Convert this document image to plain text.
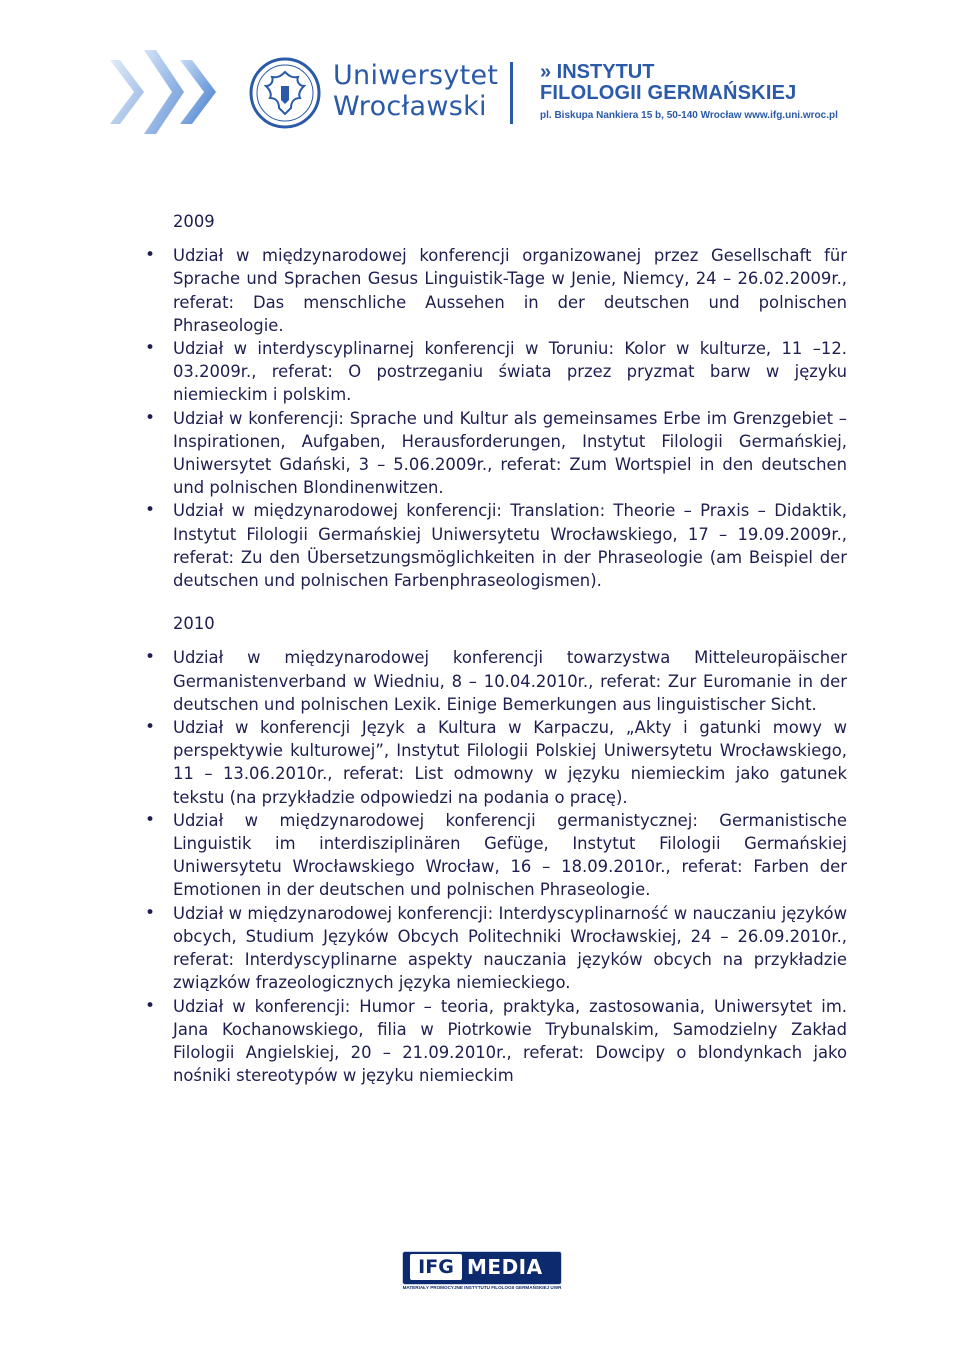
Uniwersytet
Wrocławski
» INSTYTUT
FILOLOGII GERMAŃSKIEJ
pl. Biskupa Nankiera 15 b, 50-140 Wrocław www.ifg.uni.wroc.pl
2009
• Udział w międzynarodowej konferencji organizowanej przez Gesellschaft für Sprache und Sprachen Gesus Linguistik-Tage w Jenie, Niemcy, 24 – 26.02.2009r., referat: Das menschliche Aussehen in der deutschen und polnischen Phraseologie.
• Udział w interdyscyplinarnej konferencji w Toruniu: Kolor w kulturze, 11 –12. 03.2009r., referat: O postrzeganiu świata przez pryzmat barw w języku niemieckim i polskim.
• Udział w konferencji: Sprache und Kultur als gemeinsames Erbe im Grenzgebiet – Inspirationen, Aufgaben, Herausforderungen, Instytut Filologii Germańskiej, Uniwersytet Gdański, 3 – 5.06.2009r., referat: Zum Wortspiel in den deutschen und polnischen Blondinenwitzen.
• Udział w międzynarodowej konferencji: Translation: Theorie – Praxis – Didaktik, Instytut Filologii Germańskiej Uniwersytetu Wrocławskiego, 17 – 19.09.2009r., referat: Zu den Übersetzungsmöglichkeiten in der Phraseologie (am Beispiel der deutschen und polnischen Farbenphraseologismen).
2010
• Udział w międzynarodowej konferencji towarzystwa Mitteleuropäischer Germanistenverband w Wiedniu, 8 – 10.04.2010r., referat: Zur Euromanie in der deutschen und polnischen Lexik. Einige Bemerkungen aus linguistischer Sicht.
• Udział w konferencji Język a Kultura w Karpaczu, „Akty i gatunki mowy w perspektywie kulturowej”, Instytut Filologii Polskiej Uniwersytetu Wrocławskiego, 11 – 13.06.2010r., referat: List odmowny w języku niemieckim jako gatunek tekstu (na przykładzie odpowiedzi na podania o pracę).
• Udział w międzynarodowej konferencji germanistycznej: Germanistische Linguistik im interdisziplinären Gefüge, Instytut Filologii Germańskiej Uniwersytetu Wrocławskiego Wrocław, 16 – 18.09.2010r., referat: Farben der Emotionen in der deutschen und polnischen Phraseologie.
• Udział w międzynarodowej konferencji: Interdyscyplinarność w nauczaniu języków obcych, Studium Języków Obcych Politechniki Wrocławskiej, 24 – 26.09.2010r., referat: Interdyscyplinarne aspekty nauczania języków obcych na przykładzie związków frazeologicznych języka niemieckiego.
• Udział w konferencji: Humor – teoria, praktyka, zastosowania, Uniwersytet im. Jana Kochanowskiego, filia w Piotrkowie Trybunalskim, Samodzielny Zakład Filologii Angielskiej, 20 – 21.09.2010r., referat: Dowcipy o blondynkach jako nośniki stereotypów w języku niemieckim
IFG MEDIA
MATERIAŁY PROMOCYJNE INSTYTUTU FILOLOGII GERMAŃSKIEJ UWR
